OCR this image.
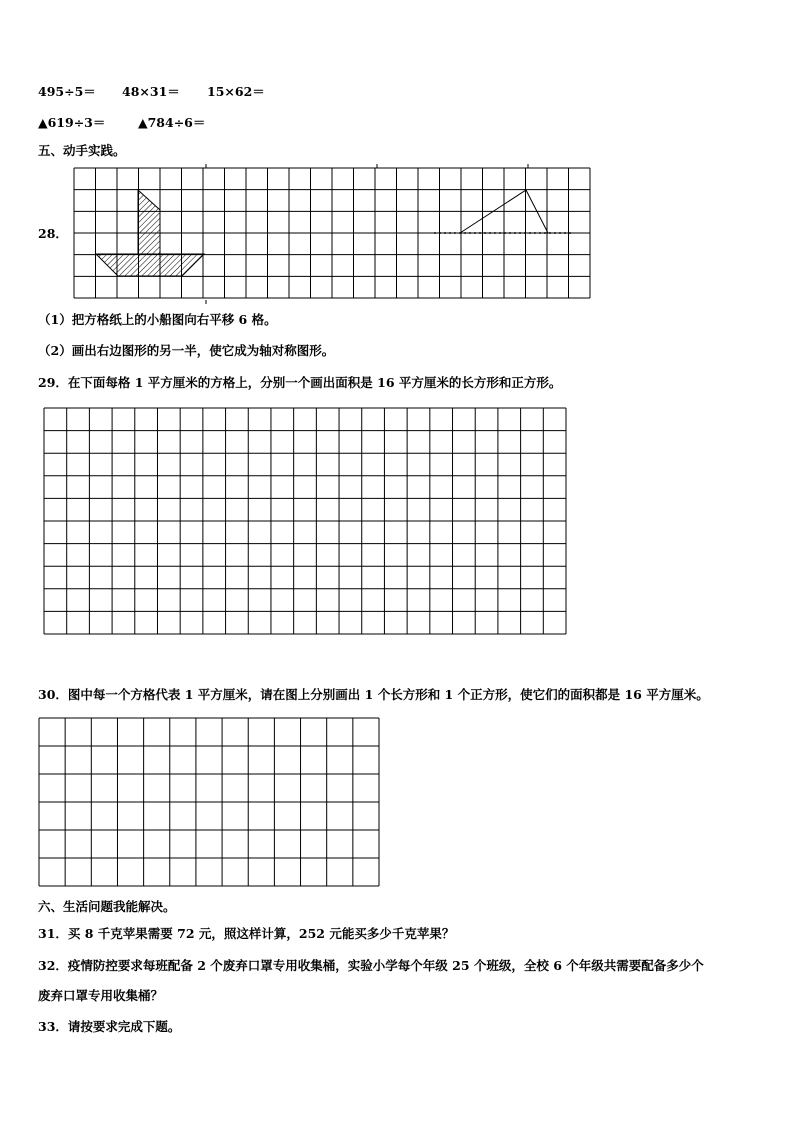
495÷5＝ 48×31＝ 15×62＝
▲619÷3＝	▲784÷6＝
五、动手实践。
28．
（1）把方格纸上的小船图向右平移 6 格。
（2）画出右边图形的另一半，使它成为轴对称图形。
29．在下面每格 1 平方厘米的方格上，分别一个画出面积是 16 平方厘米的长方形和正方形。
30．图中每一个方格代表 1 平方厘米，请在图上分别画出 1 个长方形和 1 个正方形，使它们的面积都是 16 平方厘米。
六、生活问题我能解决。
31．买 8 千克苹果需要 72 元，照这样计算，252 元能买多少千克苹果？
32．疫情防控要求每班配备 2 个废弃口罩专用收集桶，实验小学每个年级 25 个班级，全校 6 个年级共需要配备多少个
废弃口罩专用收集桶？
33．请按要求完成下题。
